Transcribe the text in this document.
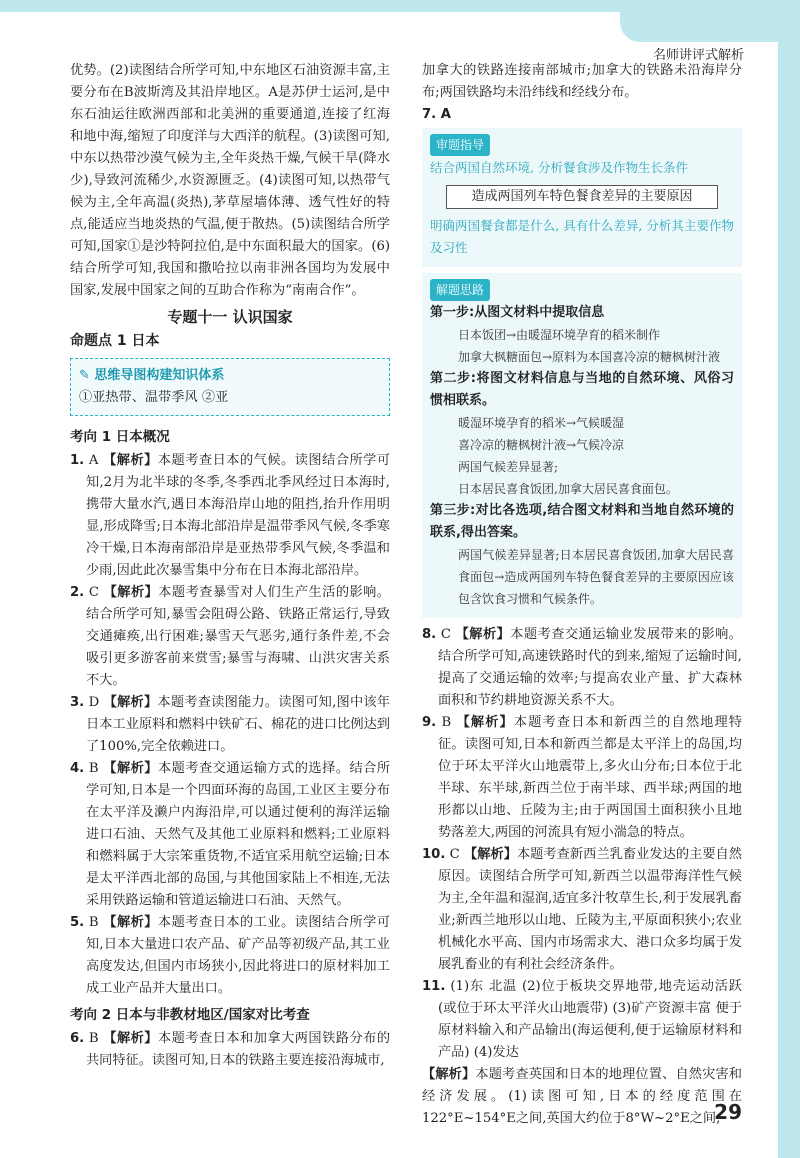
名师讲评式解析

优势。(2)读图结合所学可知,中东地区石油资源丰富,主要分布在B波斯湾及其沿岸地区。A是苏伊士运河,是中东石油运往欧洲西部和北美洲的重要通道,连接了红海和地中海,缩短了印度洋与大西洋的航程。(3)读图可知,中东以热带沙漠气候为主,全年炎热干燥,气候干旱(降水少),导致河流稀少,水资源匮乏。(4)读图可知,以热带气候为主,全年高温(炎热),茅草屋墙体薄、透气性好的特点,能适应当地炎热的气温,便于散热。(5)读图结合所学可知,国家①是沙特阿拉伯,是中东面积最大的国家。(6)结合所学可知,我国和撒哈拉以南非洲各国均为发展中国家,发展中国家之间的互助合作称为“南南合作”。

专题十一 认识国家
命题点 1 日本
✎ 思维导图构建知识体系
①亚热带、温带季风 ②亚
考向 1 日本概况

1. A 【解析】本题考查日本的气候。读图结合所学可知,2月为北半球的冬季,冬季西北季风经过日本海时,携带大量水汽,遇日本海沿岸山地的阻挡,抬升作用明显,形成降雪;日本海北部沿岸是温带季风气候,冬季寒冷干燥,日本海南部沿岸是亚热带季风气候,冬季温和少雨,因此此次暴雪集中分布在日本海北部沿岸。

2. C 【解析】本题考查暴雪对人们生产生活的影响。结合所学可知,暴雪会阻碍公路、铁路正常运行,导致交通瘫痪,出行困难;暴雪天气恶劣,通行条件差,不会吸引更多游客前来赏雪;暴雪与海啸、山洪灾害关系不大。

3. D 【解析】本题考查读图能力。读图可知,图中该年日本工业原料和燃料中铁矿石、棉花的进口比例达到了100%,完全依赖进口。

4. B 【解析】本题考查交通运输方式的选择。结合所学可知,日本是一个四面环海的岛国,工业区主要分布在太平洋及濑户内海沿岸,可以通过便利的海洋运输进口石油、天然气及其他工业原料和燃料;工业原料和燃料属于大宗笨重货物,不适宜采用航空运输;日本是太平洋西北部的岛国,与其他国家陆上不相连,无法采用铁路运输和管道运输进口石油、天然气。

5. B 【解析】本题考查日本的工业。读图结合所学可知,日本大量进口农产品、矿产品等初级产品,其工业高度发达,但国内市场狭小,因此将进口的原材料加工成工业产品并大量出口。

考向 2 日本与非教材地区/国家对比考查

6. B 【解析】本题考查日本和加拿大两国铁路分布的共同特征。读图可知,日本的铁路主要连接沿海城市,

加拿大的铁路连接南部城市;加拿大的铁路未沿海岸分布;两国铁路均未沿纬线和经线分布。

7. A

审题指导
结合两国自然环境, 分析餐食涉及作物生长条件
造成两国列车特色餐食差异的主要原因
明确两国餐食都是什么, 具有什么差异, 分析其主要作物及习性
解题思路
第一步:从图文材料中提取信息
日本饭团→由暖湿环境孕育的稻米制作
加拿大枫糖面包→原料为本国喜冷凉的糖枫树汁液
第二步:将图文材料信息与当地的自然环境、风俗习惯相联系。
暖湿环境孕育的稻米→气候暖湿
喜冷凉的糖枫树汁液→气候冷凉
两国气候差异显著;
日本居民喜食饭团,加拿大居民喜食面包。
第三步:对比各选项,结合图文材料和当地自然环境的联系,得出答案。
两国气候差异显著;日本居民喜食饭团,加拿大居民喜食面包→造成两国列车特色餐食差异的主要原因应该包含饮食习惯和气候条件。

8. C 【解析】本题考查交通运输业发展带来的影响。结合所学可知,高速铁路时代的到来,缩短了运输时间,提高了交通运输的效率;与提高农业产量、扩大森林面积和节约耕地资源关系不大。

9. B 【解析】本题考查日本和新西兰的自然地理特征。读图可知,日本和新西兰都是太平洋上的岛国,均位于环太平洋火山地震带上,多火山分布;日本位于北半球、东半球,新西兰位于南半球、西半球;两国的地形都以山地、丘陵为主;由于两国国土面积狭小且地势落差大,两国的河流具有短小湍急的特点。

10. C 【解析】本题考查新西兰乳畜业发达的主要自然原因。读图结合所学可知,新西兰以温带海洋性气候为主,全年温和湿润,适宜多汁牧草生长,利于发展乳畜业;新西兰地形以山地、丘陵为主,平原面积狭小;农业机械化水平高、国内市场需求大、港口众多均属于发展乳畜业的有利社会经济条件。

11. (1)东 北温 (2)位于板块交界地带,地壳运动活跃(或位于环太平洋火山地震带) (3)矿产资源丰富 便于原材料输入和产品输出(海运便利,便于运输原材料和产品) (4)发达

【解析】本题考查英国和日本的地理位置、自然灾害和经济发展。(1)读图可知,日本的经度范围在122°E~154°E之间,英国大约位于8°W~2°E之间,

29
